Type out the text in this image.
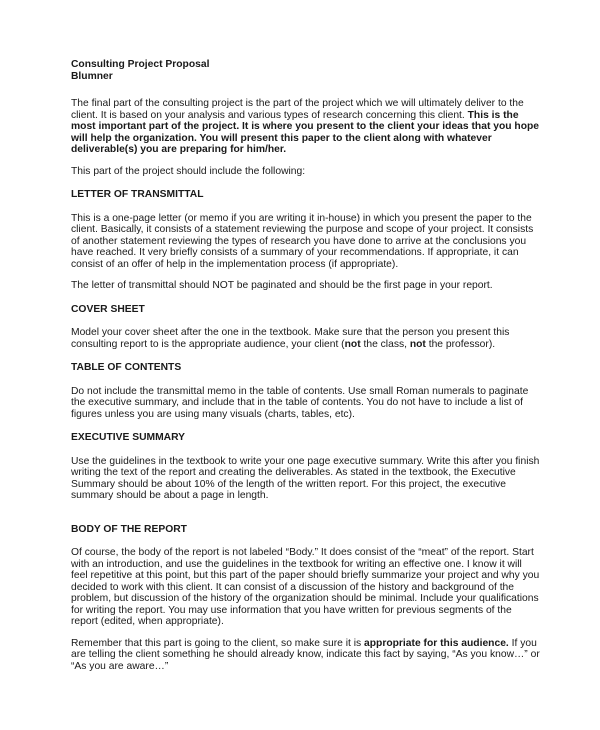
Consulting Project Proposal
Blumner

The final part of the consulting project is the part of the project which we will ultimately deliver to the client. It is based on your analysis and various types of research concerning this client. This is the most important part of the project. It is where you present to the client your ideas that you hope will help the organization. You will present this paper to the client along with whatever deliverable(s) you are preparing for him/her.

This part of the project should include the following:

LETTER OF TRANSMITTAL

This is a one-page letter (or memo if you are writing it in-house) in which you present the paper to the client. Basically, it consists of a statement reviewing the purpose and scope of your project. It consists of another statement reviewing the types of research you have done to arrive at the conclusions you have reached. It very briefly consists of a summary of your recommendations. If appropriate, it can consist of an offer of help in the implementation process (if appropriate).

The letter of transmittal should NOT be paginated and should be the first page in your report.

COVER SHEET

Model your cover sheet after the one in the textbook. Make sure that the person you present this consulting report to is the appropriate audience, your client (not the class, not the professor).

TABLE OF CONTENTS

Do not include the transmittal memo in the table of contents. Use small Roman numerals to paginate the executive summary, and include that in the table of contents. You do not have to include a list of figures unless you are using many visuals (charts, tables, etc).

EXECUTIVE SUMMARY

Use the guidelines in the textbook to write your one page executive summary. Write this after you finish writing the text of the report and creating the deliverables. As stated in the textbook, the Executive Summary should be about 10% of the length of the written report. For this project, the executive summary should be about a page in length.

BODY OF THE REPORT

Of course, the body of the report is not labeled “Body.” It does consist of the “meat” of the report. Start with an introduction, and use the guidelines in the textbook for writing an effective one. I know it will feel repetitive at this point, but this part of the paper should briefly summarize your project and why you decided to work with this client. It can consist of a discussion of the history and background of the problem, but discussion of the history of the organization should be minimal. Include your qualifications for writing the report. You may use information that you have written for previous segments of the report (edited, when appropriate).

Remember that this part is going to the client, so make sure it is appropriate for this audience. If you are telling the client something he should already know, indicate this fact by saying, “As you know…” or “As you are aware…”
